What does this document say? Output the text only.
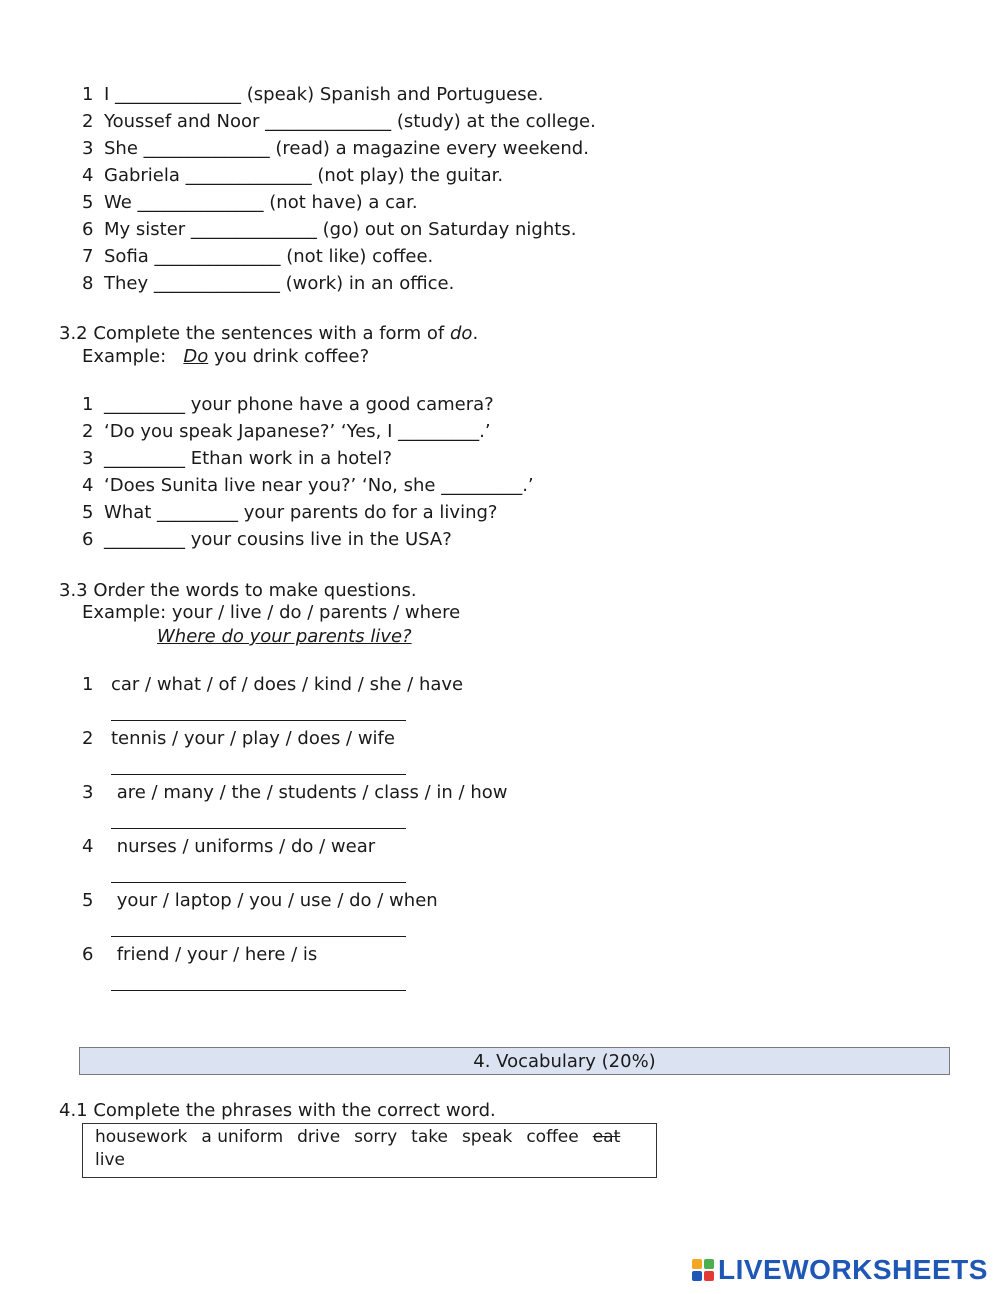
1 I ______________ (speak) Spanish and Portuguese.
2 Youssef and Noor ______________ (study) at the college.
3 She ______________ (read) a magazine every weekend.
4 Gabriela ______________ (not play) the guitar.
5 We ______________ (not have) a car.
6 My sister ______________ (go) out on Saturday nights.
7 Sofia ______________ (not like) coffee.
8 They ______________ (work) in an office.
3.2 Complete the sentences with a form of do.
Example: Do you drink coffee?
1 _________ your phone have a good camera?
2 ‘Do you speak Japanese?’ ‘Yes, I _________.’
3 _________ Ethan work in a hotel?
4 ‘Does Sunita live near you?’ ‘No, she _________.’
5 What _________ your parents do for a living?
6 _________ your cousins live in the USA?
3.3 Order the words to make questions.
Example: your / live / do / parents / where
Where do your parents live?
1 car / what / of / does / kind / she / have
2 tennis / your / play / does / wife
3 are / many / the / students / class / in / how
4 nurses / uniforms / do / wear
5 your / laptop / you / use / do / when
6 friend / your / here / is
4. Vocabulary (20%)
4.1 Complete the phrases with the correct word.
housework a uniform drive sorry take speak coffee eat
live
LIVEWORKSHEETS
